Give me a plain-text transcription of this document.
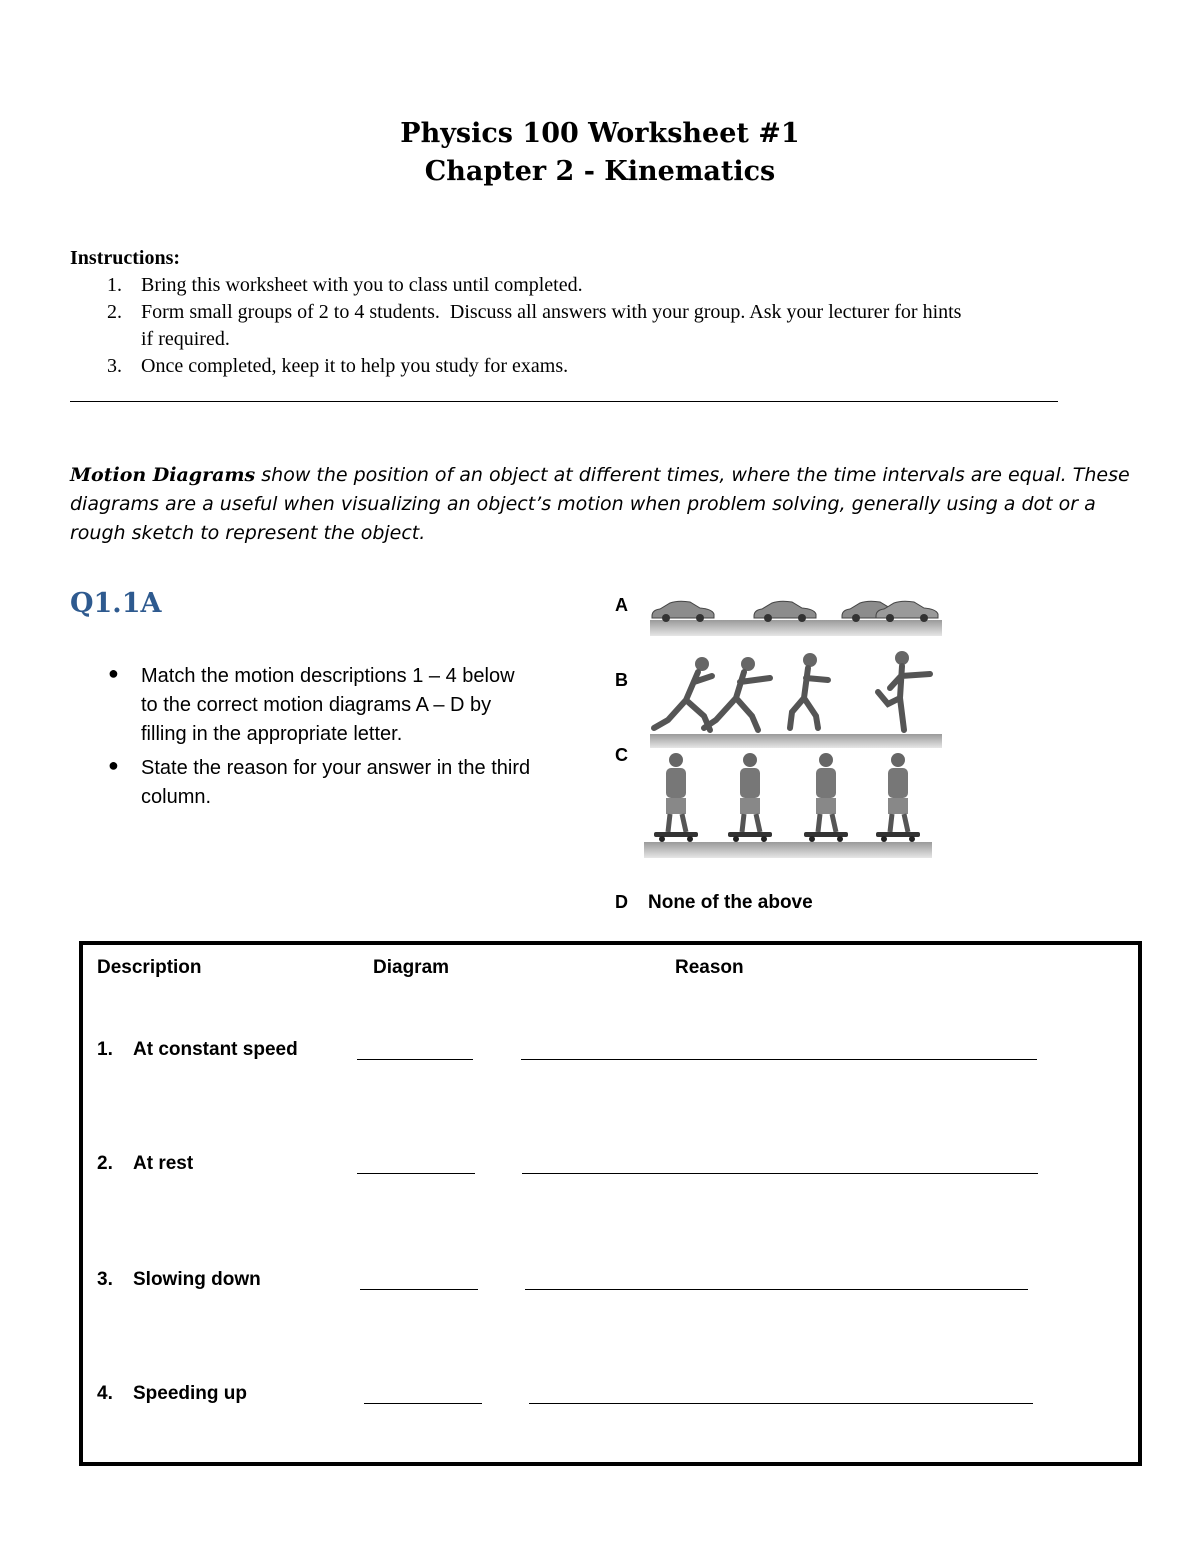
Physics 100 Worksheet #1
Chapter 2 - Kinematics
Instructions:
1. Bring this worksheet with you to class until completed.
2. Form small groups of 2 to 4 students.  Discuss all answers with your group. Ask your lecturer for hints
if required.
3. Once completed, keep it to help you study for exams.
Motion Diagrams show the position of an object at different times, where the time intervals are equal. These
diagrams are a useful when visualizing an object’s motion when problem solving, generally using a dot or a
rough sketch to represent the object.
Q1.1A
● Match the motion descriptions 1 – 4 below
to the correct motion diagrams A – D by
filling in the appropriate letter.
● State the reason for your answer in the third
column.
A
B
C
D None of the above
Description	Diagram	Reason
1. At constant speed
2. At rest
3. Slowing down
4. Speeding up
